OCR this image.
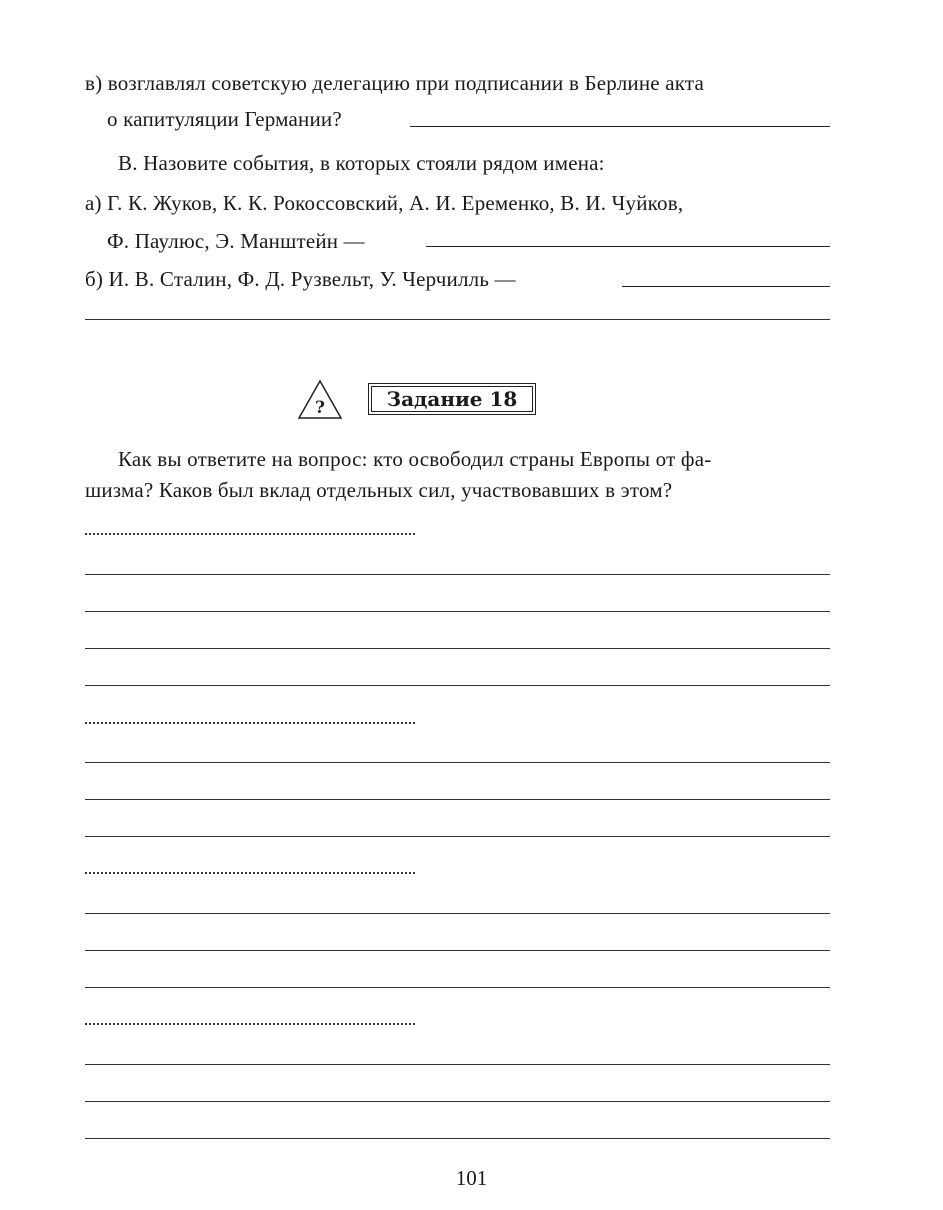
в) возглавлял советскую делегацию при подписании в Берлине акта
о капитуляции Германии?
В. Назовите события, в которых стояли рядом имена:
а) Г. К. Жуков, К. К. Рокоссовский, А. И. Еременко, В. И. Чуйков,
Ф. Паулюс, Э. Манштейн —
б) И. В. Сталин, Ф. Д. Рузвельт, У. Черчилль —
?	Задание 18
Как вы ответите на вопрос: кто освободил страны Европы от фа-
шизма? Каков был вклад отдельных сил, участвовавших в этом?
101
